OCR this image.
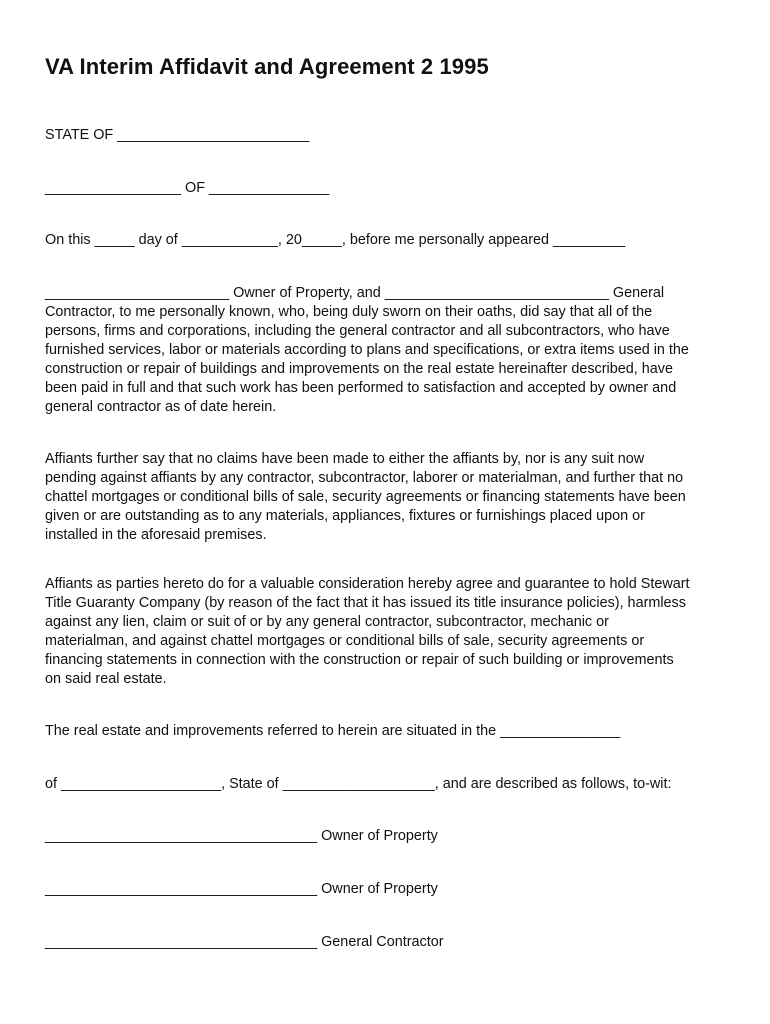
VA Interim Affidavit and Agreement 2 1995

STATE OF ________________________

_________________ OF _______________

On this _____ day of ____________, 20_____, before me personally appeared _________

_______________________ Owner of Property, and ____________________________ General
Contractor, to me personally known, who, being duly sworn on their oaths, did say that all of the
persons, firms and corporations, including the general contractor and all subcontractors, who have
furnished services, labor or materials according to plans and specifications, or extra items used in the
construction or repair of buildings and improvements on the real estate hereinafter described, have
been paid in full and that such work has been performed to satisfaction and accepted by owner and
general contractor as of date herein.
Affiants further say that no claims have been made to either the affiants by, nor is any suit now
pending against affiants by any contractor, subcontractor, laborer or materialman, and further that no
chattel mortgages or conditional bills of sale, security agreements or financing statements have been
given or are outstanding as to any materials, appliances, fixtures or furnishings placed upon or
installed in the aforesaid premises.
Affiants as parties hereto do for a valuable consideration hereby agree and guarantee to hold Stewart
Title Guaranty Company (by reason of the fact that it has issued its title insurance policies), harmless
against any lien, claim or suit of or by any general contractor, subcontractor, mechanic or
materialman, and against chattel mortgages or conditional bills of sale, security agreements or
financing statements in connection with the construction or repair of such building or improvements
on said real estate.

The real estate and improvements referred to herein are situated in the _______________

of ____________________, State of ___________________, and are described as follows, to-wit:

__________________________________ Owner of Property

__________________________________ Owner of Property

__________________________________ General Contractor
